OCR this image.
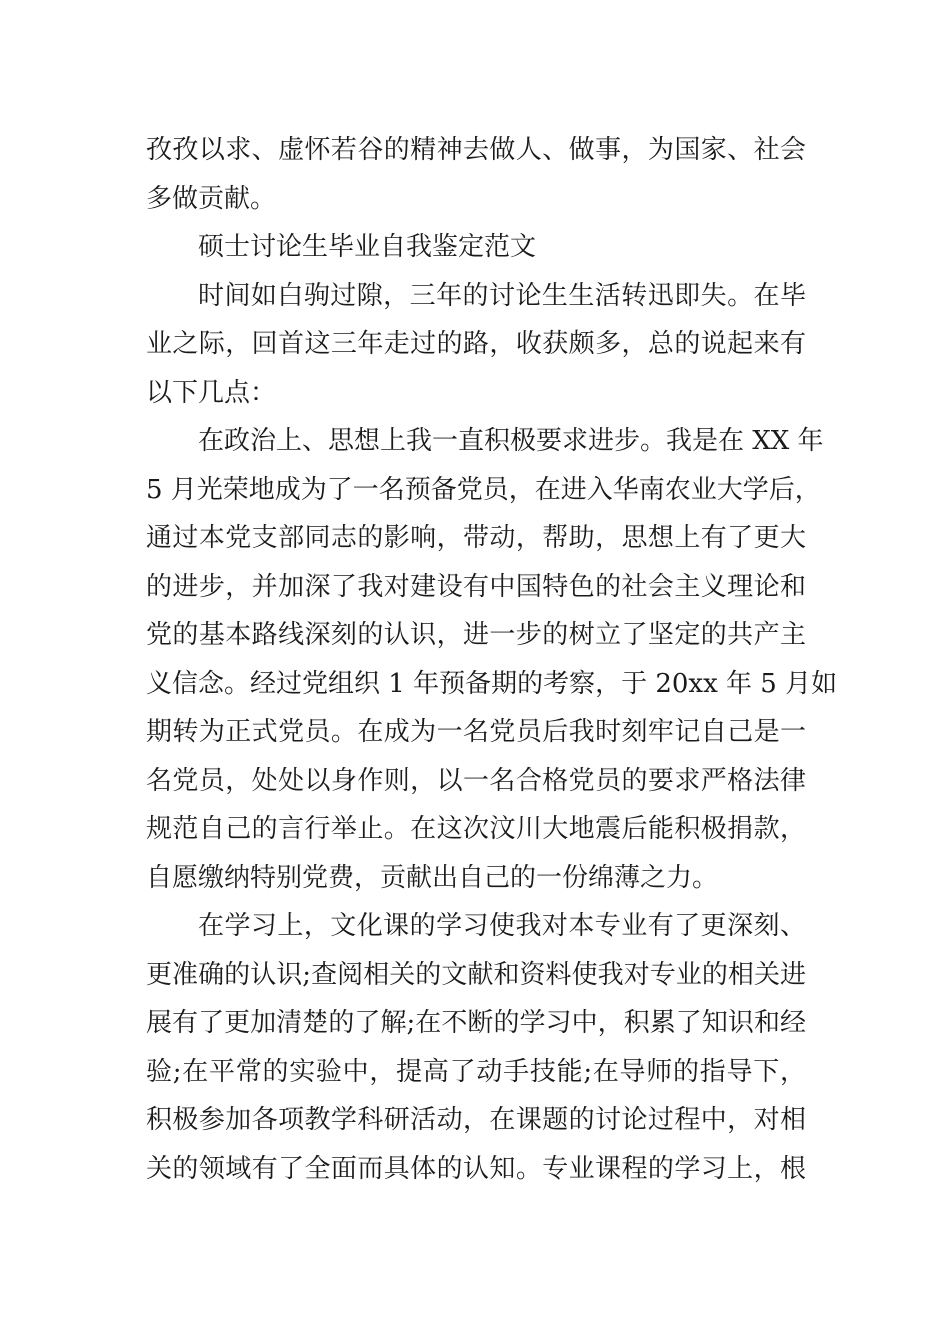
孜孜以求、虚怀若谷的精神去做人、做事，为国家、社会
多做贡献。
硕士讨论生毕业自我鉴定范文
时间如白驹过隙，三年的讨论生生活转迅即失。在毕
业之际，回首这三年走过的路，收获颇多，总的说起来有
以下几点：
在政治上、思想上我一直积极要求进步。我是在 XX 年
5 月光荣地成为了一名预备党员，在进入华南农业大学后，
通过本党支部同志的影响，带动，帮助，思想上有了更大
的进步，并加深了我对建设有中国特色的社会主义理论和
党的基本路线深刻的认识，进一步的树立了坚定的共产主
义信念。经过党组织 1 年预备期的考察，于 20xx 年 5 月如
期转为正式党员。在成为一名党员后我时刻牢记自己是一
名党员，处处以身作则，以一名合格党员的要求严格法律
规范自己的言行举止。在这次汶川大地震后能积极捐款，
自愿缴纳特别党费，贡献出自己的一份绵薄之力。
在学习上，文化课的学习使我对本专业有了更深刻、
更准确的认识;查阅相关的文献和资料使我对专业的相关进
展有了更加清楚的了解;在不断的学习中，积累了知识和经
验;在平常的实验中，提高了动手技能;在导师的指导下，
积极参加各项教学科研活动，在课题的讨论过程中，对相
关的领域有了全面而具体的认知。专业课程的学习上，根
